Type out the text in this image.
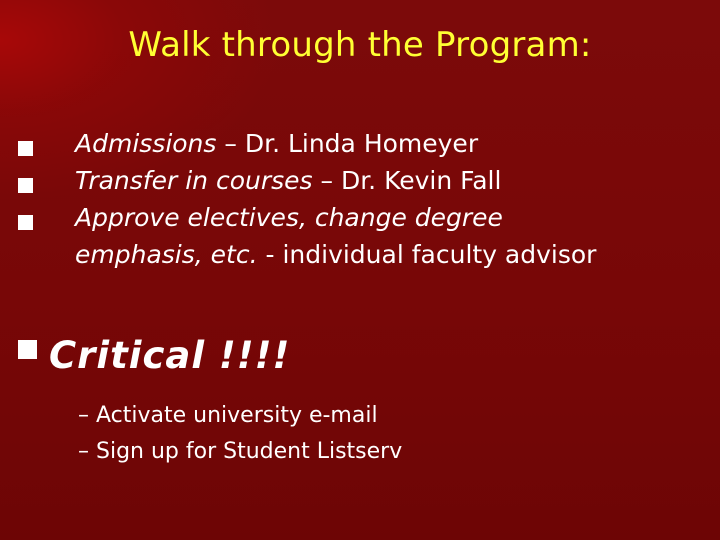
Walk through the Program:
Admissions – Dr. Linda Homeyer
Transfer in courses – Dr. Kevin Fall
Approve electives, change degree
emphasis, etc. - individual faculty advisor
Critical !!!!
– Activate university e-mail
– Sign up for Student Listserv
